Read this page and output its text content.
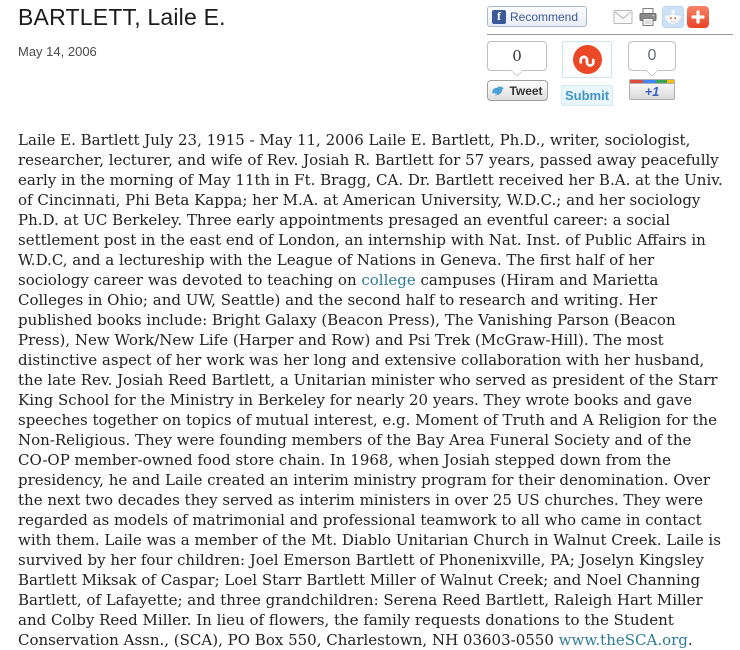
BARTLETT, Laile E.
May 14, 2006
f Recommend
0
Tweet	Submit
0
+1

Laile E. Bartlett July 23, 1915 - May 11, 2006 Laile E. Bartlett, Ph.D., writer, sociologist, researcher, lecturer, and wife of Rev. Josiah R. Bartlett for 57 years, passed away peacefully early in the morning of May 11th in Ft. Bragg, CA. Dr. Bartlett received her B.A. at the Univ. of Cincinnati, Phi Beta Kappa; her M.A. at American University, W.D.C.; and her sociology Ph.D. at UC Berkeley. Three early appointments presaged an eventful career: a social settlement post in the east end of London, an internship with Nat. Inst. of Public Affairs in W.D.C, and a lectureship with the League of Nations in Geneva. The first half of her sociology career was devoted to teaching on college campuses (Hiram and Marietta Colleges in Ohio; and UW, Seattle) and the second half to research and writing. Her published books include: Bright Galaxy (Beacon Press), The Vanishing Parson (Beacon Press), New Work/New Life (Harper and Row) and Psi Trek (McGraw-Hill). The most distinctive aspect of her work was her long and extensive collaboration with her husband, the late Rev. Josiah Reed Bartlett, a Unitarian minister who served as president of the Starr King School for the Ministry in Berkeley for nearly 20 years. They wrote books and gave speeches together on topics of mutual interest, e.g. Moment of Truth and A Religion for the Non-Religious. They were founding members of the Bay Area Funeral Society and of the CO-OP member-owned food store chain. In 1968, when Josiah stepped down from the presidency, he and Laile created an interim ministry program for their denomination. Over the next two decades they served as interim ministers in over 25 US churches. They were regarded as models of matrimonial and professional teamwork to all who came in contact with them. Laile was a member of the Mt. Diablo Unitarian Church in Walnut Creek. Laile is survived by her four children: Joel Emerson Bartlett of Phonenixville, PA; Joselyn Kingsley Bartlett Miksak of Caspar; Loel Starr Bartlett Miller of Walnut Creek; and Noel Channing Bartlett, of Lafayette; and three grandchildren: Serena Reed Bartlett, Raleigh Hart Miller and Colby Reed Miller. In lieu of flowers, the family requests donations to the Student Conservation Assn., (SCA), PO Box 550, Charlestown, NH 03603-0550 www.theSCA.org.
